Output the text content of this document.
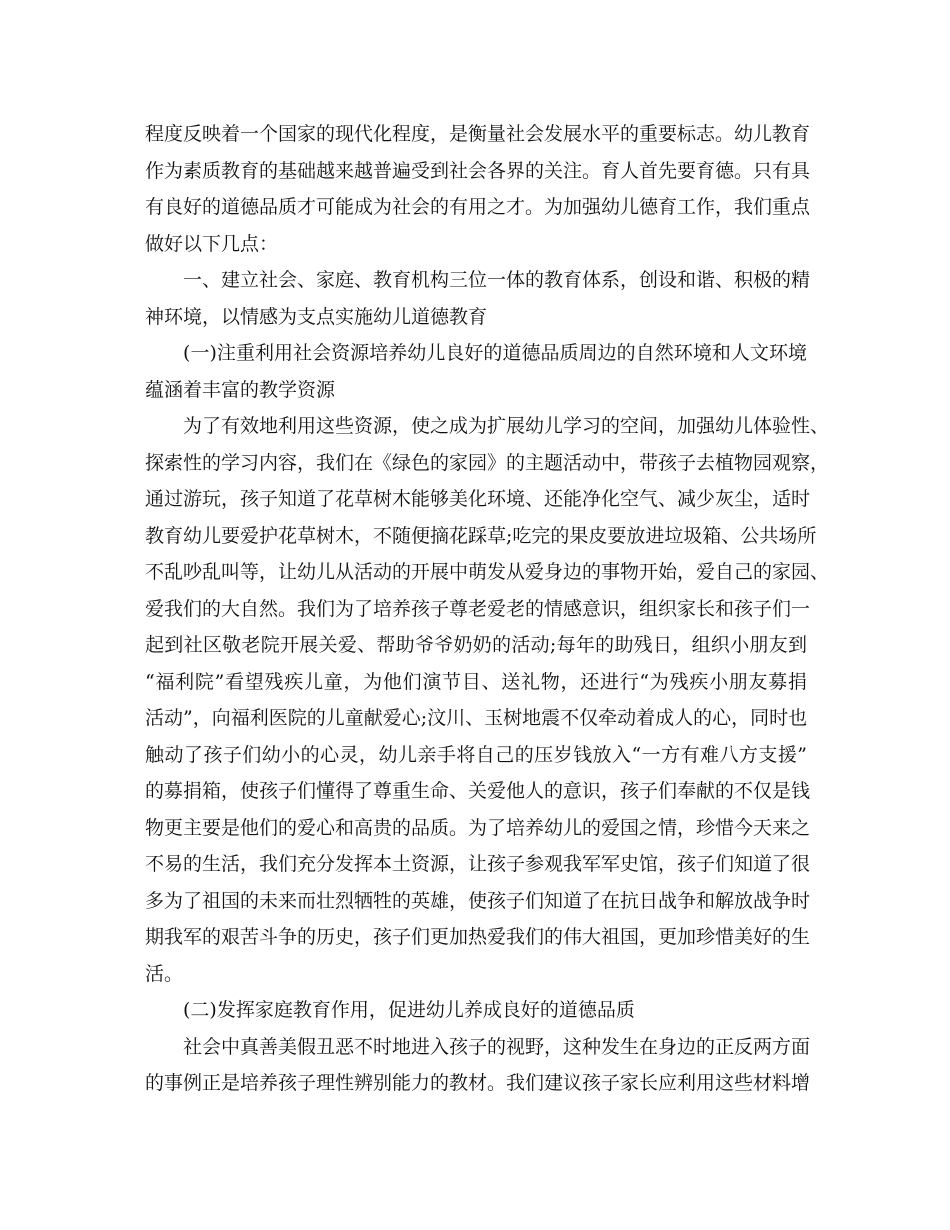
程度反映着一个国家的现代化程度，是衡量社会发展水平的重要标志。幼儿教育
作为素质教育的基础越来越普遍受到社会各界的关注。育人首先要育德。只有具
有良好的道德品质才可能成为社会的有用之才。为加强幼儿德育工作，我们重点
做好以下几点：
一、建立社会、家庭、教育机构三位一体的教育体系，创设和谐、积极的精
神环境，以情感为支点实施幼儿道德教育
(一)注重利用社会资源培养幼儿良好的道德品质周边的自然环境和人文环境
蕴涵着丰富的教学资源
为了有效地利用这些资源，使之成为扩展幼儿学习的空间，加强幼儿体验性、
探索性的学习内容，我们在《绿色的家园》的主题活动中，带孩子去植物园观察，
通过游玩，孩子知道了花草树木能够美化环境、还能净化空气、减少灰尘，适时
教育幼儿要爱护花草树木，不随便摘花踩草;吃完的果皮要放进垃圾箱、公共场所
不乱吵乱叫等，让幼儿从活动的开展中萌发从爱身边的事物开始，爱自己的家园、
爱我们的大自然。我们为了培养孩子尊老爱老的情感意识，组织家长和孩子们一
起到社区敬老院开展关爱、帮助爷爷奶奶的活动;每年的助残日，组织小朋友到
“福利院”看望残疾儿童，为他们演节目、送礼物，还进行“为残疾小朋友募捐
活动”，向福利医院的儿童献爱心;汶川、玉树地震不仅牵动着成人的心，同时也
触动了孩子们幼小的心灵，幼儿亲手将自己的压岁钱放入“一方有难八方支援”
的募捐箱，使孩子们懂得了尊重生命、关爱他人的意识，孩子们奉献的不仅是钱
物更主要是他们的爱心和高贵的品质。为了培养幼儿的爱国之情，珍惜今天来之
不易的生活，我们充分发挥本土资源，让孩子参观我军军史馆，孩子们知道了很
多为了祖国的未来而壮烈牺牲的英雄，使孩子们知道了在抗日战争和解放战争时
期我军的艰苦斗争的历史，孩子们更加热爱我们的伟大祖国，更加珍惜美好的生
活。
(二)发挥家庭教育作用，促进幼儿养成良好的道德品质
社会中真善美假丑恶不时地进入孩子的视野，这种发生在身边的正反两方面
的事例正是培养孩子理性辨别能力的教材。我们建议孩子家长应利用这些材料增
